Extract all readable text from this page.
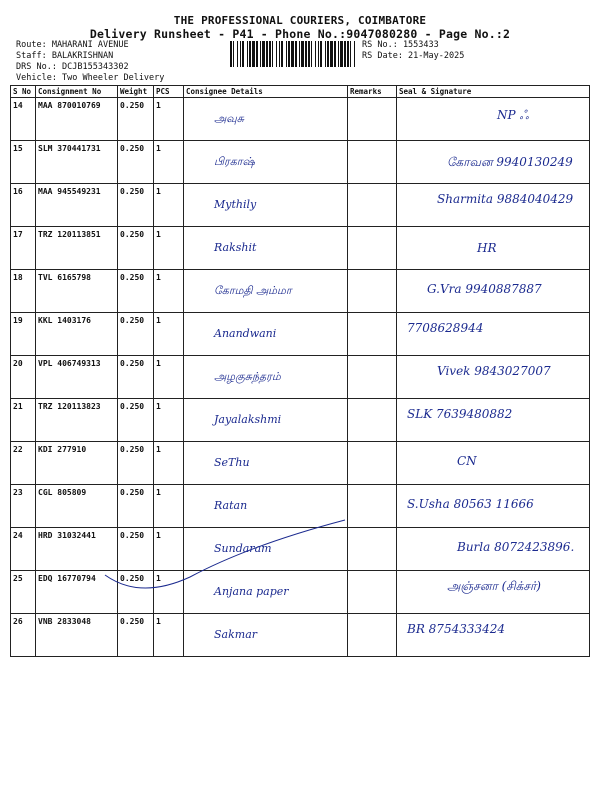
THE PROFESSIONAL COURIERS, COIMBATORE
Delivery Runsheet - P41 - Phone No.:9047080280 - Page No.:2
Route: MAHARANI AVENUE
Staff: BALAKRISHNAN
DRS No.: DCJB155343302
Vehicle: Two Wheeler Delivery
RS No.: 1553433
RS Date: 21-May-2025
S No	Consignment No	Weight	PCS	Consignee Details	Remarks	Seal & Signature
14	MAA 870010769	0.250	1	அவுசு		NP ஃ

15	SLM 370441731	0.250	1	பிரகாஷ்		கோவன 9940130249

16	MAA 945549231	0.250	1	Mythily		Sharmita 9884040429

17	TRZ 120113851	0.250	1	Rakshit		HR

18	TVL 6165798	0.250	1	கோமதி அம்மா		G.Vra 9940887887

19	KKL 1403176	0.250	1	Anandwani		7708628944

20	VPL 406749313	0.250	1	அழகுசுந்தரம்		Vivek 9843027007

21	TRZ 120113823	0.250	1	Jayalakshmi		SLK 7639480882

22	KDI 277910	0.250	1	SeThu		CN

23	CGL 805809	0.250	1	Ratan		S.Usha 80563 11666

24	HRD 31032441	0.250	1	Sundaram		Burla 8072423896.

25	EDQ 16770794	0.250	1	Anjana paper		அஞ்சனா (சிக்சர்)

26	VNB 2833048	0.250	1	Sakmar		BR 8754333424
